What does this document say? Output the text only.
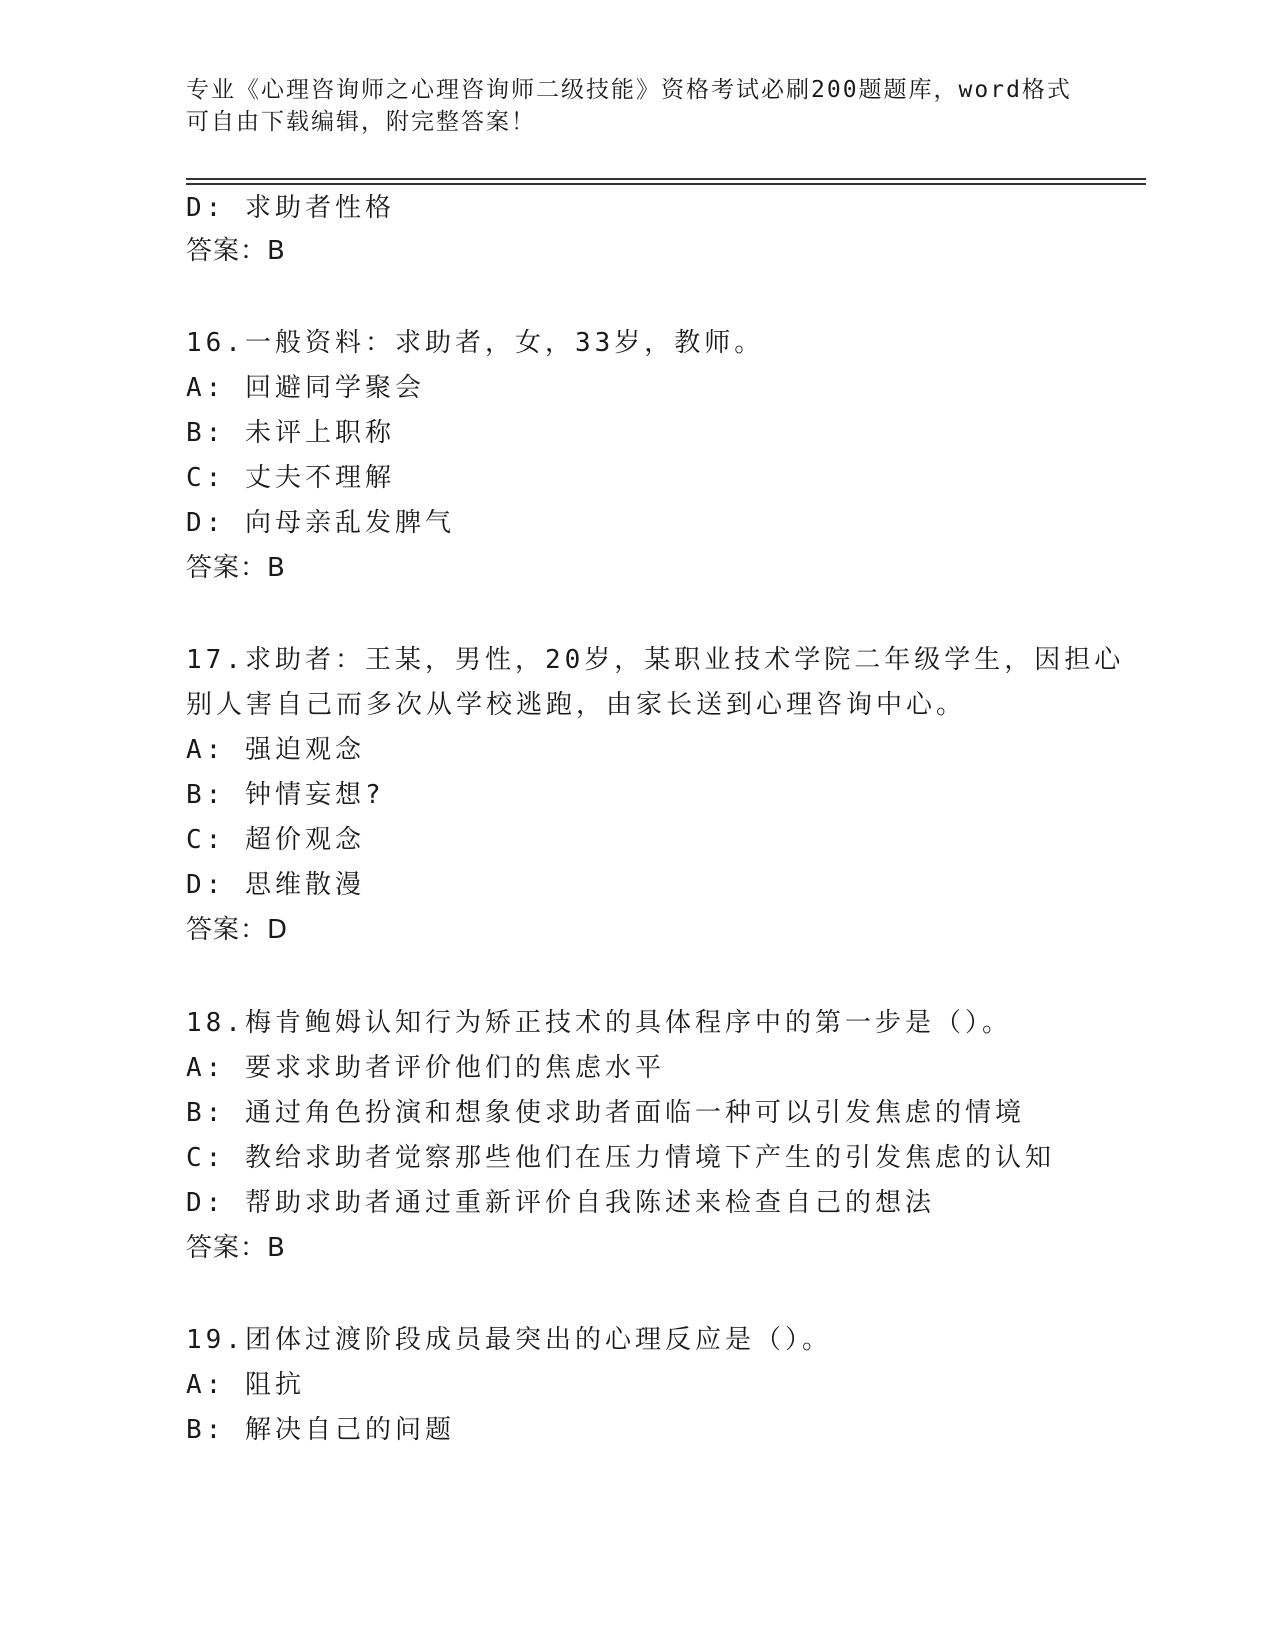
专业《心理咨询师之心理咨询师二级技能》资格考试必刷200题题库，word格式
可自由下载编辑，附完整答案！
D: 求助者性格
答案：B
16.一般资料：求助者，女，33岁，教师。
A: 回避同学聚会
B: 未评上职称
C: 丈夫不理解
D: 向母亲乱发脾气
答案：B
17.求助者：王某，男性，20岁，某职业技术学院二年级学生，因担心
别人害自己而多次从学校逃跑，由家长送到心理咨询中心。
A: 强迫观念
B: 钟情妄想?
C: 超价观念
D: 思维散漫
答案：D
18.梅肯鲍姆认知行为矫正技术的具体程序中的第一步是（）。
A: 要求求助者评价他们的焦虑水平
B: 通过角色扮演和想象使求助者面临一种可以引发焦虑的情境
C: 教给求助者觉察那些他们在压力情境下产生的引发焦虑的认知
D: 帮助求助者通过重新评价自我陈述来检查自己的想法
答案：B
19.团体过渡阶段成员最突出的心理反应是（）。
A: 阻抗
B: 解决自己的问题
